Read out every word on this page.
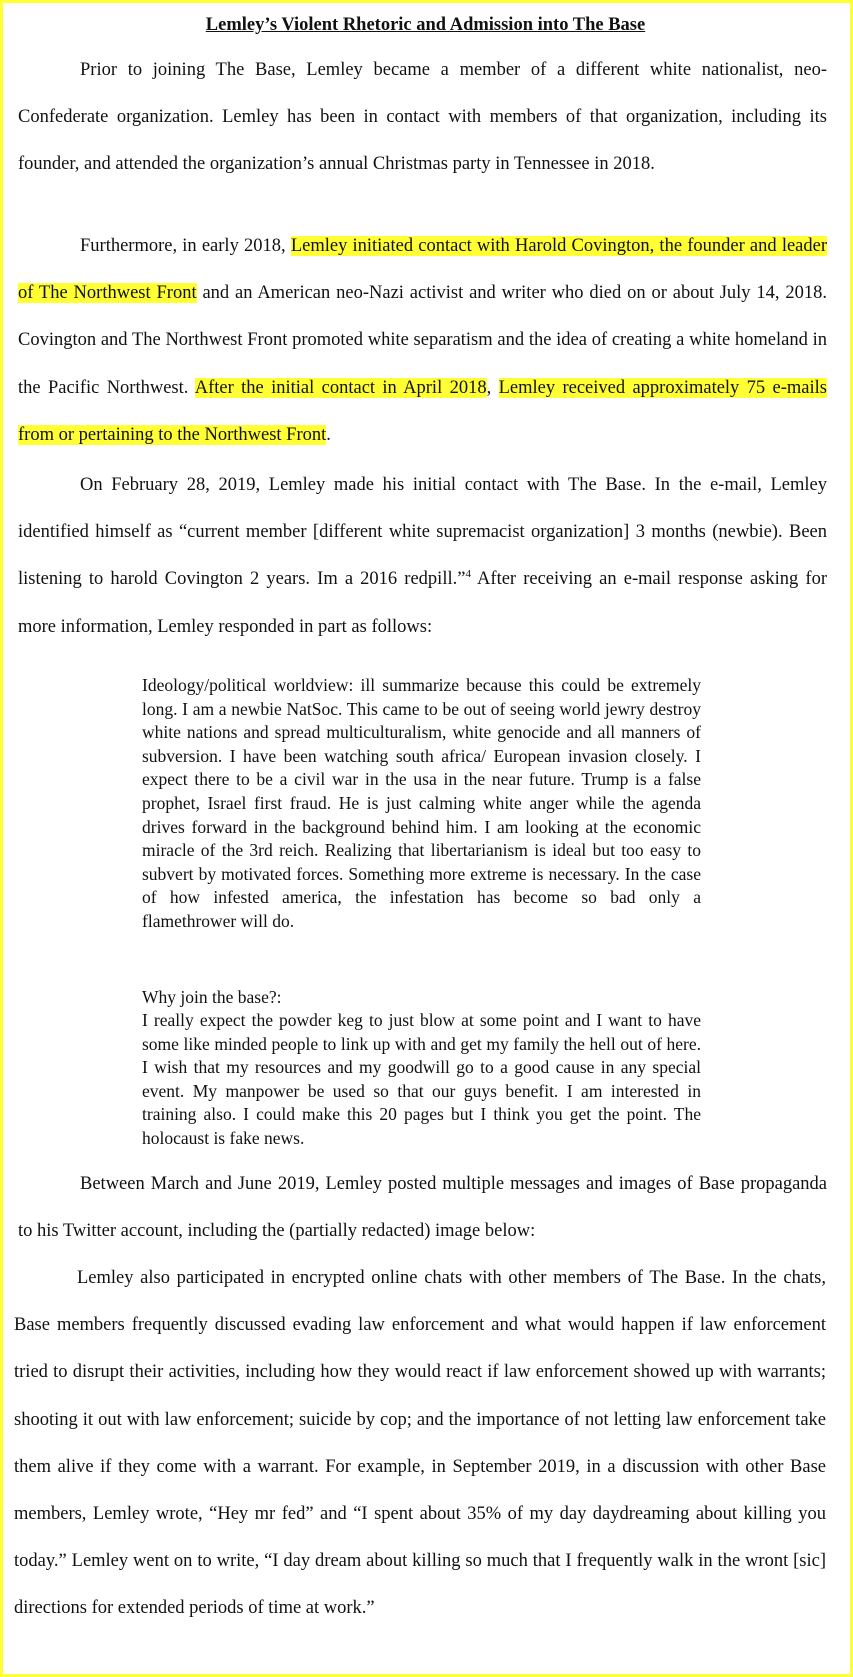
Lemley’s Violent Rhetoric and Admission into The Base

Prior to joining The Base, Lemley became a member of a different white nationalist, neo-Confederate organization. Lemley has been in contact with members of that organization, including its founder, and attended the organization’s annual Christmas party in Tennessee in 2018.

Furthermore, in early 2018, Lemley initiated contact with Harold Covington, the founder and leader of The Northwest Front and an American neo-Nazi activist and writer who died on or about July 14, 2018. Covington and The Northwest Front promoted white separatism and the idea of creating a white homeland in the Pacific Northwest. After the initial contact in April 2018, Lemley received approximately 75 e-mails from or pertaining to the Northwest Front.

On February 28, 2019, Lemley made his initial contact with The Base. In the e-mail, Lemley identified himself as “current member [different white supremacist organization] 3 months (newbie). Been listening to harold Covington 2 years. Im a 2016 redpill.”$^4$ After receiving an e-mail response asking for more information, Lemley responded in part as follows:

Ideology/political worldview: ill summarize because this could be extremely long. I am a newbie NatSoc. This came to be out of seeing world jewry destroy white nations and spread multiculturalism, white genocide and all manners of subversion. I have been watching south africa/ European invasion closely. I expect there to be a civil war in the usa in the near future. Trump is a false prophet, Israel first fraud. He is just calming white anger while the agenda drives forward in the background behind him. I am looking at the economic miracle of the 3rd reich. Realizing that libertarianism is ideal but too easy to subvert by motivated forces. Something more extreme is necessary. In the case of how infested america, the infestation has become so bad only a flamethrower will do.

Why join the base?:

I really expect the powder keg to just blow at some point and I want to have some like minded people to link up with and get my family the hell out of here. I wish that my resources and my goodwill go to a good cause in any special event. My manpower be used so that our guys benefit. I am interested in training also. I could make this 20 pages but I think you get the point. The holocaust is fake news.

Between March and June 2019, Lemley posted multiple messages and images of Base propaganda to his Twitter account, including the (partially redacted) image below:

Lemley also participated in encrypted online chats with other members of The Base. In the chats, Base members frequently discussed evading law enforcement and what would happen if law enforcement tried to disrupt their activities, including how they would react if law enforcement showed up with warrants; shooting it out with law enforcement; suicide by cop; and the importance of not letting law enforcement take them alive if they come with a warrant. For example, in September 2019, in a discussion with other Base members, Lemley wrote, “Hey mr fed” and “I spent about 35% of my day daydreaming about killing you today.” Lemley went on to write, “I day dream about killing so much that I frequently walk in the wront [sic] directions for extended periods of time at work.”
